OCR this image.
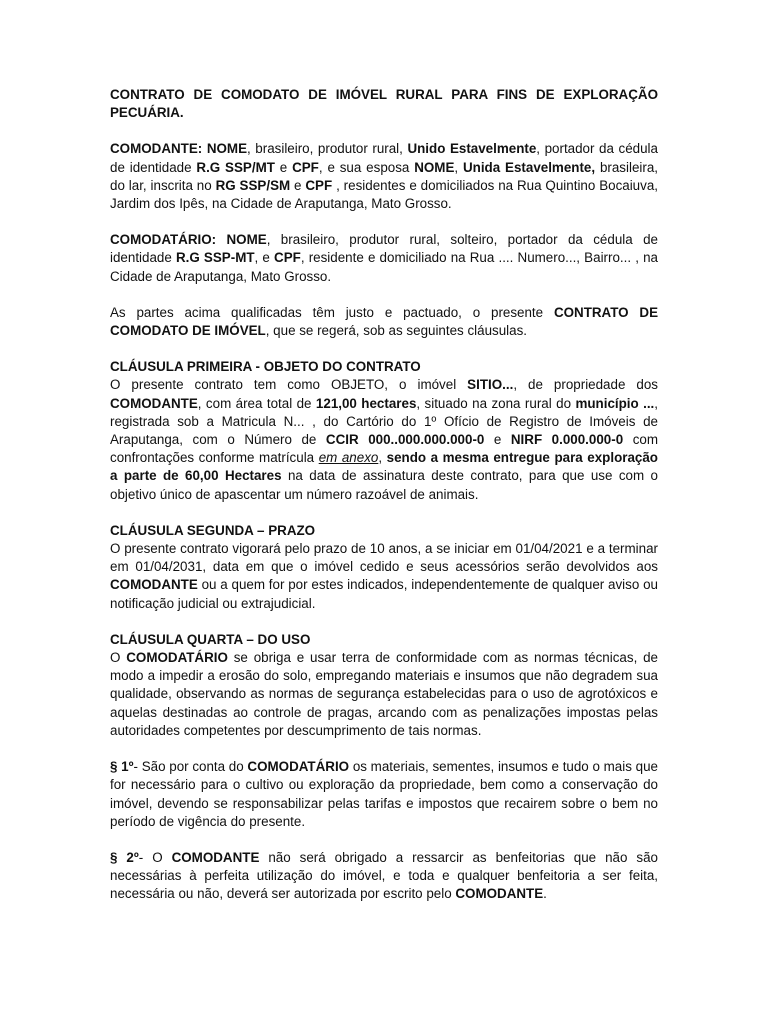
CONTRATO DE COMODATO DE IMÓVEL RURAL PARA FINS DE EXPLORAÇÃO PECUÁRIA.

COMODANTE: NOME, brasileiro, produtor rural, Unido Estavelmente, portador da cédula de identidade R.G SSP/MT e CPF, e sua esposa NOME, Unida Estavelmente, brasileira, do lar, inscrita no RG SSP/SM e CPF , residentes e domiciliados na Rua Quintino Bocaiuva, Jardim dos Ipês, na Cidade de Araputanga, Mato Grosso.

COMODATÁRIO: NOME, brasileiro, produtor rural, solteiro, portador da cédula de identidade R.G SSP-MT, e CPF, residente e domiciliado na Rua .... Numero..., Bairro... , na Cidade de Araputanga, Mato Grosso.

As partes acima qualificadas têm justo e pactuado, o presente CONTRATO DE COMODATO DE IMÓVEL, que se regerá, sob as seguintes cláusulas.

CLÁUSULA PRIMEIRA - OBJETO DO CONTRATO

O presente contrato tem como OBJETO, o imóvel SITIO..., de propriedade dos COMODANTE, com área total de 121,00 hectares, situado na zona rural do município ..., registrada sob a Matricula N... , do Cartório do 1º Ofício de Registro de Imóveis de Araputanga, com o Número de CCIR 000..000.000.000-0 e NIRF 0.000.000-0 com confrontações conforme matrícula em anexo, sendo a mesma entregue para exploração a parte de 60,00 Hectares na data de assinatura deste contrato, para que use com o objetivo único de apascentar um número razoável de animais.

CLÁUSULA SEGUNDA – PRAZO

O presente contrato vigorará pelo prazo de 10 anos, a se iniciar em 01/04/2021 e a terminar em 01/04/2031, data em que o imóvel cedido e seus acessórios serão devolvidos aos COMODANTE ou a quem for por estes indicados, independentemente de qualquer aviso ou notificação judicial ou extrajudicial.

CLÁUSULA QUARTA – DO USO

O COMODATÁRIO se obriga e usar terra de conformidade com as normas técnicas, de modo a impedir a erosão do solo, empregando materiais e insumos que não degradem sua qualidade, observando as normas de segurança estabelecidas para o uso de agrotóxicos e aquelas destinadas ao controle de pragas, arcando com as penalizações impostas pelas autoridades competentes por descumprimento de tais normas.

§ 1º- São por conta do COMODATÁRIO os materiais, sementes, insumos e tudo o mais que for necessário para o cultivo ou exploração da propriedade, bem como a conservação do imóvel, devendo se responsabilizar pelas tarifas e impostos que recairem sobre o bem no período de vigência do presente.

§ 2º- O COMODANTE não será obrigado a ressarcir as benfeitorias que não são necessárias à perfeita utilização do imóvel, e toda e qualquer benfeitoria a ser feita, necessária ou não, deverá ser autorizada por escrito pelo COMODANTE.
